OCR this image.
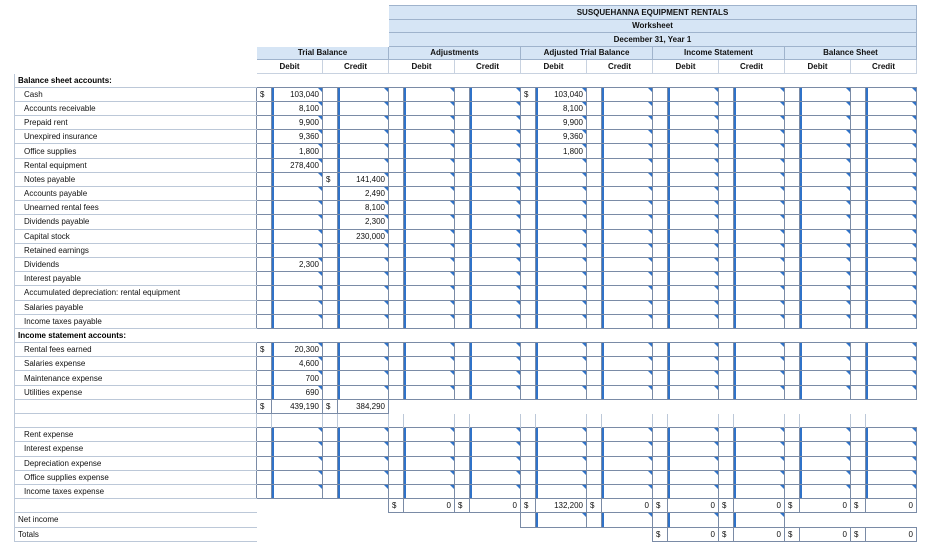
					SUSQUEHANNA EQUIPMENT RENTALS															
					Worksheet															
					December 31, Year 1															
	Trial Balance				Adjustments				Adjusted Trial Balance				Income Statement				Balance Sheet			
	Debit		Credit		Debit		Credit		Debit		Credit		Debit		Credit		Debit		Credit	
Balance sheet accounts:																				
Cash	$	103,040							$	103,040										
Accounts receivable		8,100								8,100										
Prepaid rent		9,900								9,900										
Unexpired insurance		9,360								9,360										
Office supplies		1,800								1,800										
Rental equipment		278,400																		
Notes payable			$	141,400																
Accounts payable				2,490																
Unearned rental fees				8,100																
Dividends payable				2,300																
Capital stock				230,000																
Retained earnings																				
Dividends		2,300																		
Interest payable																				
Accumulated depreciation: rental equipment																				
Salaries payable																				
Income taxes payable																				
Income statement accounts:																				
Rental fees earned	$	20,300																		
Salaries expense		4,600																		
Maintenance expense		700																		
Utilities expense		690																		
	$	439,190	$	384,290																

Rent expense																				
Interest expense																				
Depreciation expense																				
Office supplies expense																				
Income taxes expense																				
					$	0	$	0	$	132,200	$	0	$	0	$	0	$	0	$	0
Net income																				
Totals													$	0	$	0	$	0	$	0
